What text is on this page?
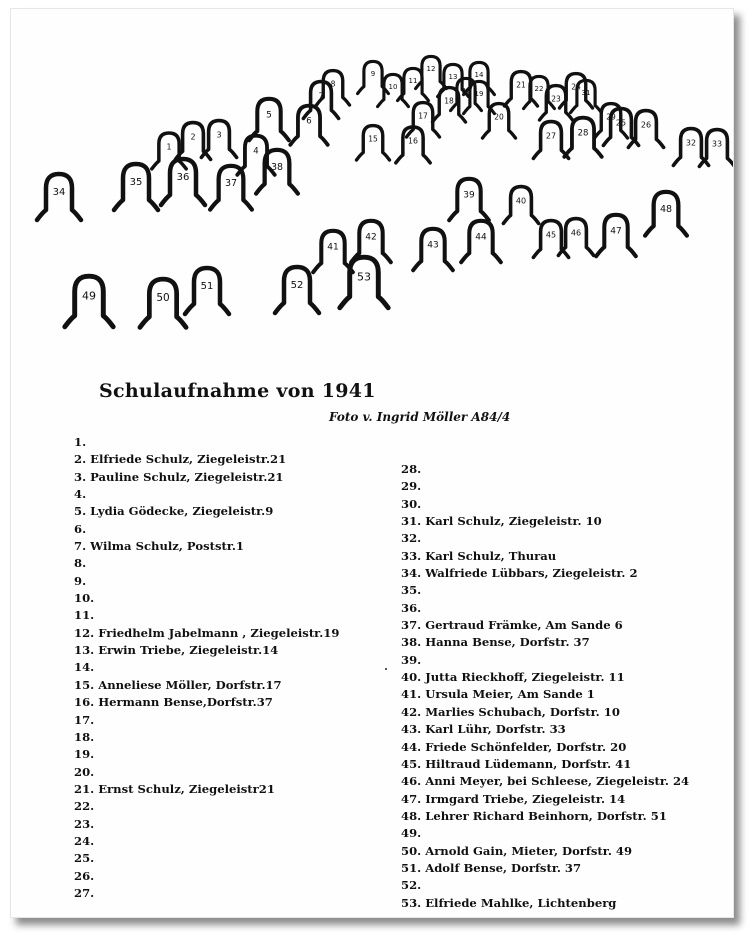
1
2 3
4
5
6
7
8
9
10
11
12
13 14
15	16
17
18
19
20
21 22
23
24
25 26
27 28
29
30	31
32 33
34
35	36
37
38
39
40
41
42
43
44	45 46	47
48
49	50
51	52
53
Schulaufnahme von 1941
Foto v. Ingrid Möller A84/4
1.
2. Elfriede Schulz, Ziegeleistr.21
3. Pauline Schulz, Ziegeleistr.21
4.
5. Lydia Gödecke, Ziegeleistr.9
6.
7. Wilma Schulz, Poststr.1
8.
9.
10.
11.
12. Friedhelm Jabelmann , Ziegeleistr.19
13. Erwin Triebe, Ziegeleistr.14
14.
15. Anneliese Möller, Dorfstr.17
16. Hermann Bense,Dorfstr.37
17.
18.
19.
20.
21. Ernst Schulz, Ziegeleistr21
22.
23.
24.
25.
26.
27.
28.
29.
30.
31. Karl Schulz, Ziegeleistr. 10
32.
33. Karl Schulz, Thurau
34. Walfriede Lübbars, Ziegeleistr. 2
35.
36.
37. Gertraud Främke, Am Sande 6
38. Hanna Bense, Dorfstr. 37
39.
40. Jutta Rieckhoff, Ziegeleistr. 11
41. Ursula Meier, Am Sande 1
42. Marlies Schubach, Dorfstr. 10
43. Karl Lühr, Dorfstr. 33
44. Friede Schönfelder, Dorfstr. 20
45. Hiltraud Lüdemann, Dorfstr. 41
46. Anni Meyer, bei Schleese, Ziegeleistr. 24
47. Irmgard Triebe, Ziegeleistr. 14
48. Lehrer Richard Beinhorn, Dorfstr. 51
49.
50. Arnold Gain, Mieter, Dorfstr. 49
51. Adolf Bense, Dorfstr. 37
52.
53. Elfriede Mahlke, Lichtenberg
